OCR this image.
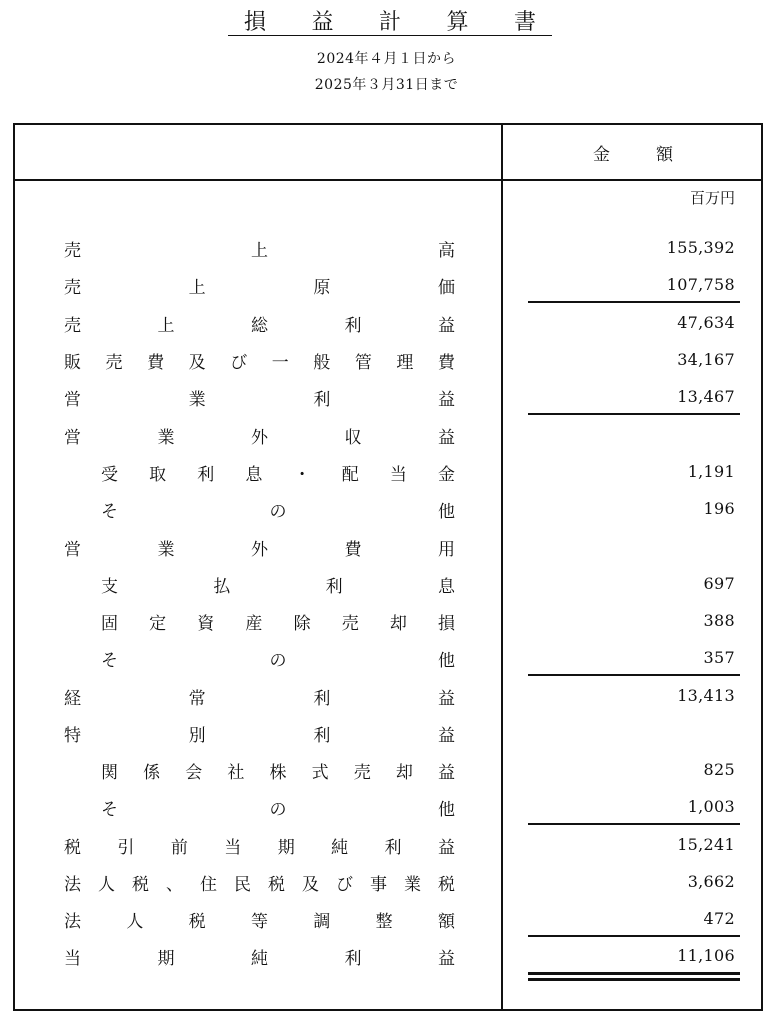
損 益 計 算 書
2024年４月１日から
2025年３月31日まで
金	額
百万円
売	上	高	155,392
売	上	原	価	107,758
売	上	総	利	益	47,634
販 売 費 及 び 一 般 管 理 費	34,167
営	業	利	益	13,467
営	業	外	収	益
受 取 利 息 ・ 配 当 金	1,191
そ	の	他	196
営	業	外	費	用
支	払	利	息	697
固 定 資 産 除 売 却 損	388
そ	の	他	357
経	常	利	益	13,413
特	別	利	益
関 係 会 社 株 式 売 却 益	825
そ	の	他	1,003
税 引 前 当 期 純 利 益	15,241
法 人 税 、 住 民 税 及 び 事 業 税	3,662
法	人	税	等	調	整	額	472
当	期	純	利	益	11,106
